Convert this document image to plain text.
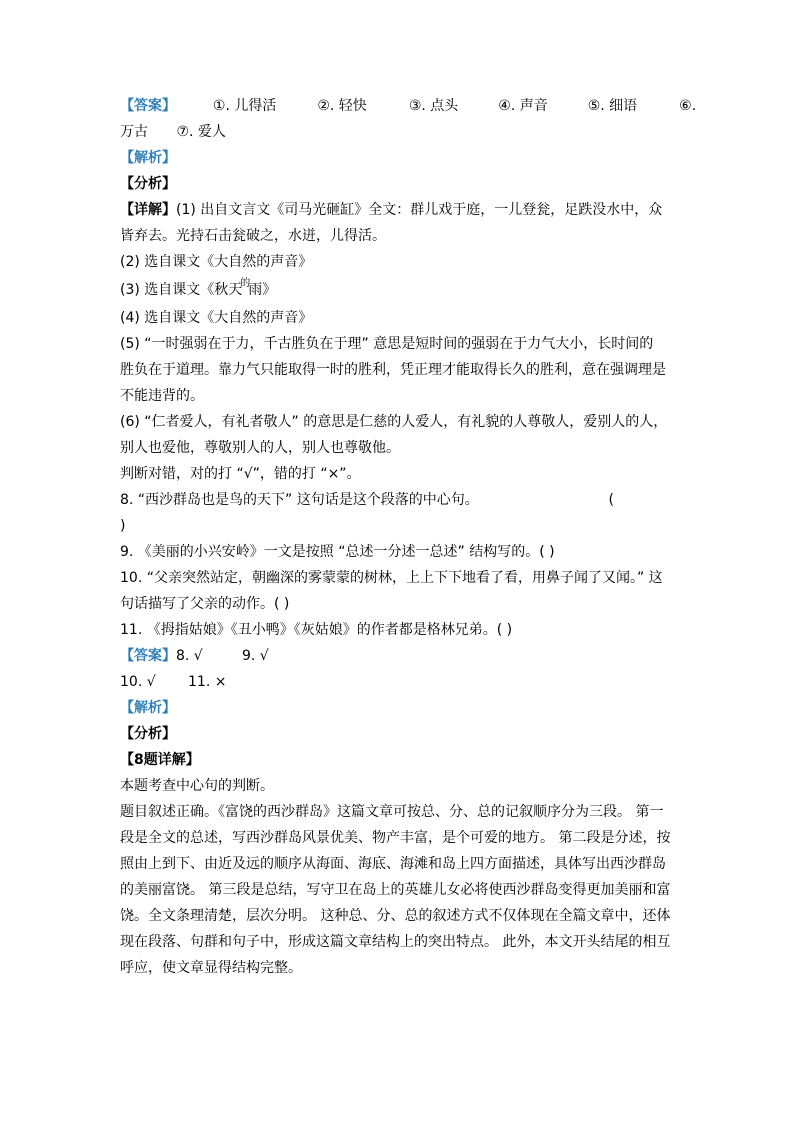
【答案】	①. 儿得活	②. 轻快	③. 点头	④. 声音	⑤. 细语	⑥.
万古 ⑦. 爱人
【解析】
【分析】
【详解】(1) 出自文言文《司马光砸缸》全文：群儿戏于庭，一儿登瓮，足跌没水中，众
皆弃去。光持石击瓮破之，水迸，儿得活。
(2) 选自课文《大自然的声音》
(3) 选自课文《秋天$^的$雨》
(4) 选自课文《大自然的声音》
(5) “一时强弱在于力，千古胜负在于理” 意思是短时间的强弱在于力气大小，长时间的
胜负在于道理。靠力气只能取得一时的胜利，凭正理才能取得长久的胜利，意在强调理是
不能违背的。
(6) “仁者爱人，有礼者敬人” 的意思是仁慈的人爱人，有礼貌的人尊敬人，爱别人的人，
别人也爱他，尊敬别人的人，别人也尊敬他。
判断对错，对的打 “√”，错的打 “×”。
8. “西沙群岛也是鸟的天下” 这句话是这个段落的中心句。	(
)
9. 《美丽的小兴安岭》一文是按照 “总述一分述一总述” 结构写的。( )
10. “父亲突然站定，朝幽深的雾蒙蒙的树林，上上下下地看了看，用鼻子闻了又闻。” 这
句话描写了父亲的动作。( )
11. 《拇指姑娘》《丑小鸭》《灰姑娘》的作者都是格林兄弟。( )
【答案】8. √	9. √
10. √ 11. ×
【解析】
【分析】
【8题详解】
本题考查中心句的判断。
题目叙述正确。《富饶的西沙群岛》这篇文章可按总、分、总的记叙顺序分为三段。 第一
段是全文的总述，写西沙群岛风景优美、物产丰富，是个可爱的地方。 第二段是分述，按
照由上到下、由近及远的顺序从海面、海底、海滩和岛上四方面描述，具体写出西沙群岛
的美丽富饶。 第三段是总结，写守卫在岛上的英雄儿女必将使西沙群岛变得更加美丽和富
饶。全文条理清楚，层次分明。 这种总、分、总的叙述方式不仅体现在全篇文章中，还体
现在段落、句群和句子中，形成这篇文章结构上的突出特点。 此外，本文开头结尾的相互
呼应，使文章显得结构完整。
